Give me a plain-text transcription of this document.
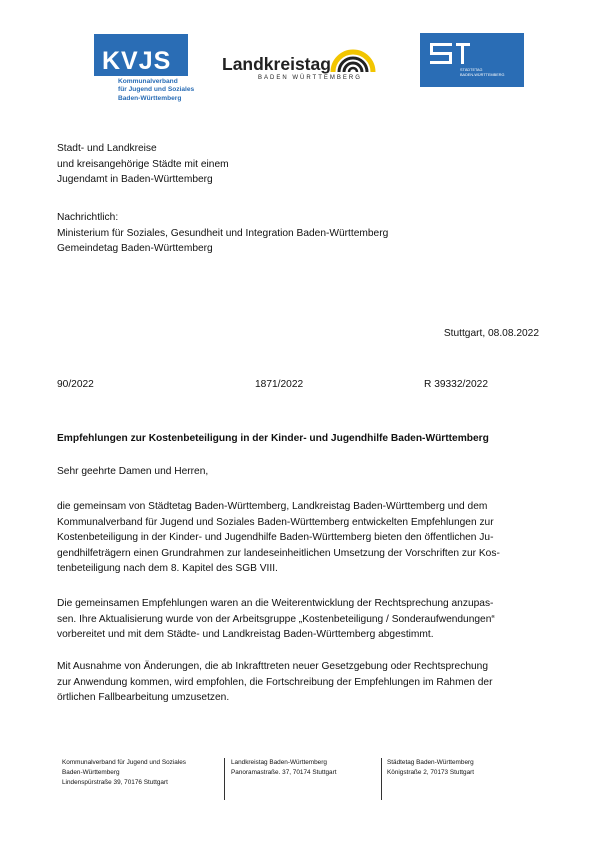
KVJS
Kommunalverband
für Jugend und Soziales
Baden-Württemberg
Landkreistag
BADEN WÜRTTEMBERG
STÄDTETAG
BADEN-WÜRTTEMBERG
Stadt- und Landkreise
und kreisangehörige Städte mit einem
Jugendamt in Baden-Württemberg
Nachrichtlich:
Ministerium für Soziales, Gesundheit und Integration Baden-Württemberg
Gemeindetag Baden-Württemberg
Stuttgart, 08.08.2022
90/2022	1871/2022	R 39332/2022
Empfehlungen zur Kostenbeteiligung in der Kinder- und Jugendhilfe Baden-Württemberg
Sehr geehrte Damen und Herren,
die gemeinsam von Städtetag Baden-Württemberg, Landkreistag Baden-Württemberg und dem
Kommunalverband für Jugend und Soziales Baden-Württemberg entwickelten Empfehlungen zur
Kostenbeteiligung in der Kinder- und Jugendhilfe Baden-Württemberg bieten den öffentlichen Ju-
gendhilfeträgern einen Grundrahmen zur landeseinheitlichen Umsetzung der Vorschriften zur Kos-
tenbeteiligung nach dem 8. Kapitel des SGB VIII.
Die gemeinsamen Empfehlungen waren an die Weiterentwicklung der Rechtsprechung anzupas-
sen. Ihre Aktualisierung wurde von der Arbeitsgruppe „Kostenbeteiligung / Sonderaufwendungen“
vorbereitet und mit dem Städte- und Landkreistag Baden-Württemberg abgestimmt.
Mit Ausnahme von Änderungen, die ab Inkrafttreten neuer Gesetzgebung oder Rechtsprechung
zur Anwendung kommen, wird empfohlen, die Fortschreibung der Empfehlungen im Rahmen der
örtlichen Fallbearbeitung umzusetzen.
Kommunalverband für Jugend und Soziales
Baden-Württemberg
Lindenspürstraße 39, 70176 Stuttgart
Landkreistag Baden-Württemberg
Panoramastraße. 37, 70174 Stuttgart
Städtetag Baden-Württemberg
Königstraße 2, 70173 Stuttgart
